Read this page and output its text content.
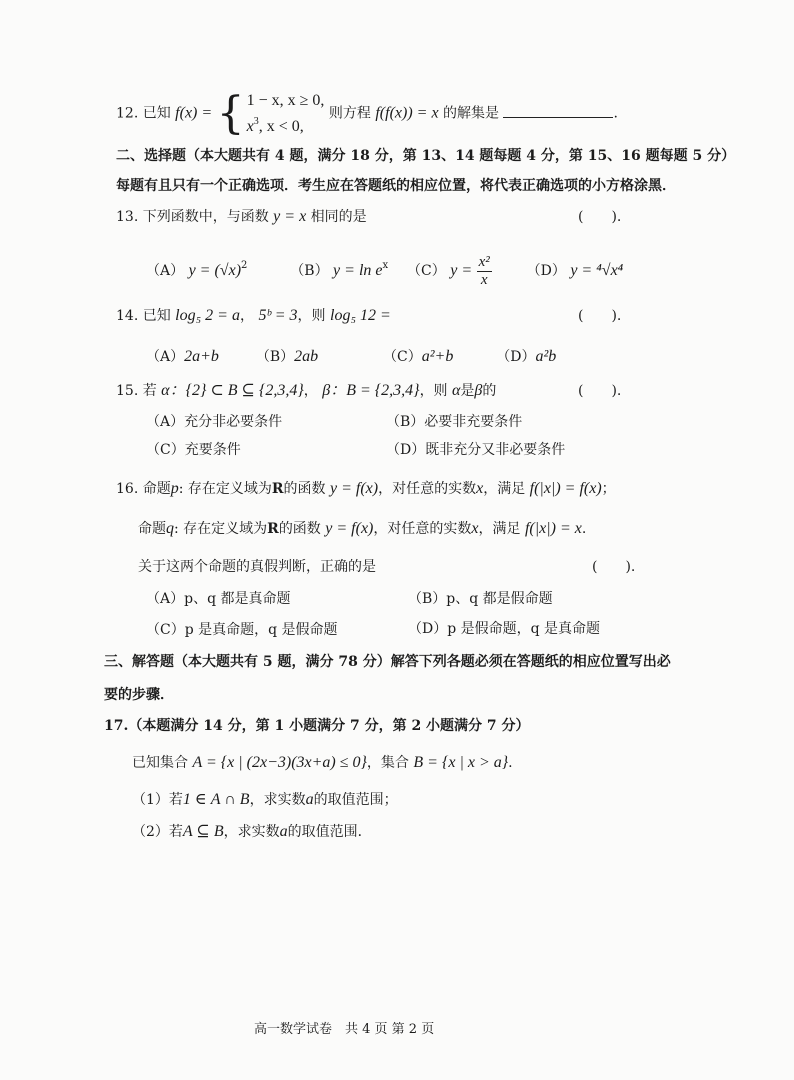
12. 已知 f(x) = { 1 − x, x ≥ 0,
$x^3$, x < 0,
则方程 f(f(x)) = x 的解集是	.
二、选择题（本大题共有 4 题，满分 18 分，第 13、14 题每题 4 分，第 15、16 题每题 5 分）
每题有且只有一个正确选项．考生应在答题纸的相应位置，将代表正确选项的小方格涂黑．
13. 下列函数中，与函数 y = x 相同的是	(　　).
（A） $y = (√x)^2$	（B） $y = \ln e^x$ （C） $y = \frac{\text{x²}}{x} (D) y = ^4√x^4$
14. 已知 log₅ 2 = a， 5ᵇ = 3，则 log₅ 12 =	(　　).
（A）2a+b	（B）2ab	（C）a²+b	（D）a²b
15. 若 α：{2} ⊂ B ⊆ {2,3,4}， β：B = {2,3,4}，则 α是β的	(　　).
（A）充分非必要条件	（B）必要非充要条件
（C）充要条件	（D）既非充分又非必要条件
16. 命题p: 存在定义域为R的函数 y = f(x)，对任意的实数x，满足 f(|x|) = f(x)；
命题q: 存在定义域为R的函数 y = f(x)，对任意的实数x，满足 f(|x|) = x.
关于这两个命题的真假判断，正确的是	(　　).
（A）p、q 都是真命题	（B）p、q 都是假命题
（C）p 是真命题，q 是假命题	（D）p 是假命题，q 是真命题
三、解答题（本大题共有 5 题，满分 78 分）解答下列各题必须在答题纸的相应位置写出必
要的步骤．
17.（本题满分 14 分，第 1 小题满分 7 分，第 2 小题满分 7 分）
已知集合 A = {x | (2x−3)(3x+a) ≤ 0}，集合 B = {x | x > a}.
（1）若1 ∈ A ∩ B，求实数a的取值范围；
（2）若A ⊆ B，求实数a的取值范围．
高一数学试卷　共 4 页 第 2 页
